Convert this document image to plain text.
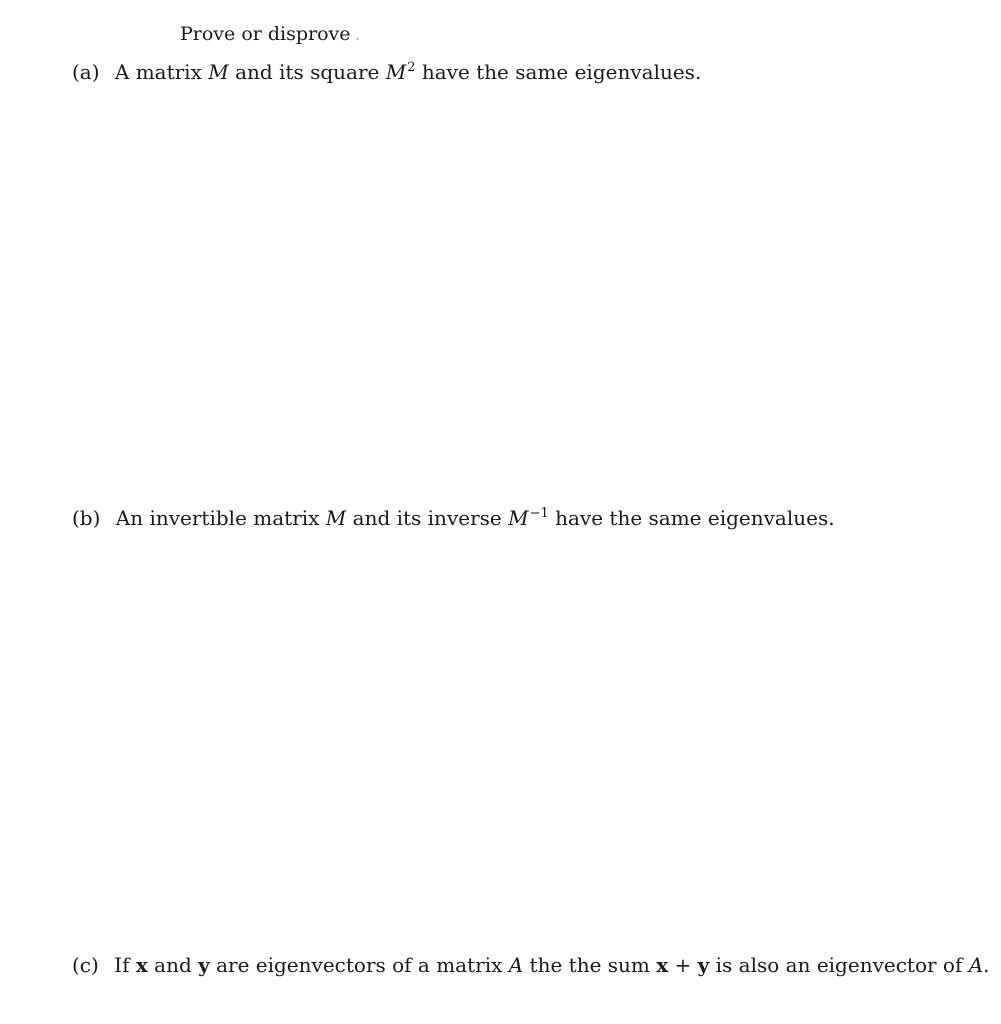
Prove or disprove .
(a) A matrix M and its square $M^2$ have the same eigenvalues.
(b) An invertible matrix M and its inverse $M^{-1}$ have the same eigenvalues.
(c) If x and y are eigenvectors of a matrix A the the sum x + y is also an eigenvector of A.
